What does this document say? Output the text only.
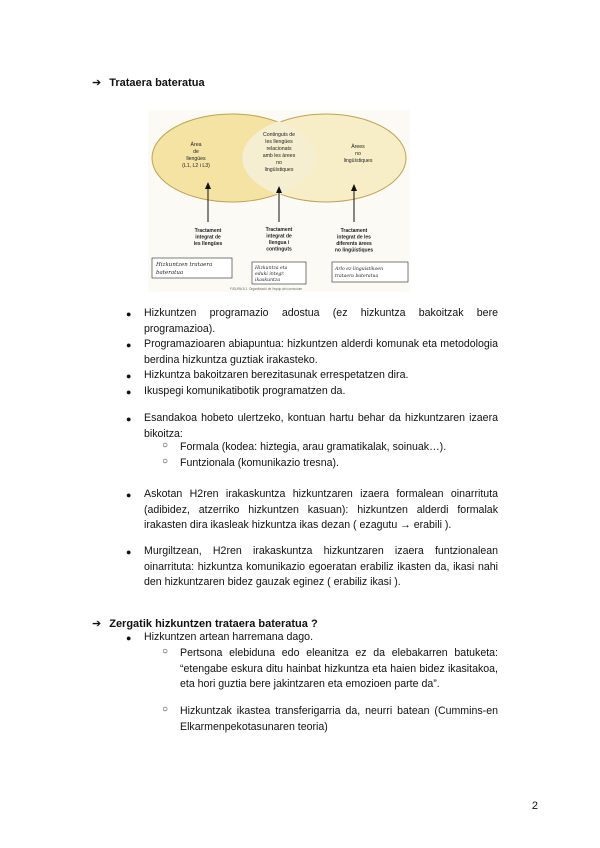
➔ Trataera bateratua
Àrea de llengües (L1, L2 i L3)
Continguts de les llengües relacionats amb les àrees no lingüístiques
Àrees no lingüístiques
Tractament integrat de les llengües
Tractament integrat de llengua i continguts
Tractament integrat de les diferents àrees no lingüístiques
Hizkuntzen trataera bateratua
Hizkuntza eta eduki integr. ikaskuntza
Arlo ez-linguistikoen trataera bateratua
FIGURA 8.1. Organització de l'equip del currículum
● Hizkuntzen programazio adostua (ez hizkuntza bakoitzak bere programazioa).
● Programazioaren abiapuntua: hizkuntzen alderdi komunak eta metodologia berdina hizkuntza guztiak irakasteko.
● Hizkuntza bakoitzaren berezitasunak errespetatzen dira.
● Ikuspegi komunikatibotik programatzen da.
● Esandakoa hobeto ulertzeko, kontuan hartu behar da hizkuntzaren izaera bikoitza:
○ Formala (kodea: hiztegia, arau gramatikalak, soinuak…).
○ Funtzionala (komunikazio tresna).
● Askotan H2ren irakaskuntza hizkuntzaren izaera formalean oinarrituta (adibidez, atzerriko hizkuntzen kasuan): hizkuntzen alderdi formalak irakasten dira ikasleak hizkuntza ikas dezan ( ezagutu → erabili ).
● Murgiltzean, H2ren irakaskuntza hizkuntzaren izaera funtzionalean oinarrituta: hizkuntza komunikazio egoeratan erabiliz ikasten da, ikasi nahi den hizkuntzaren bidez gauzak eginez ( erabiliz ikasi ).
➔ Zergatik hizkuntzen trataera bateratua ?
● Hizkuntzen artean harremana dago.
○ Pertsona elebiduna edo eleanitza ez da elebakarren batuketa: “etengabe eskura ditu hainbat hizkuntza eta haien bidez ikasitakoa, eta hori guztia bere jakintzaren eta emozioen parte da”.
○ Hizkuntzak ikastea transferigarria da, neurri batean (Cummins-en Elkarmenpekotasunaren teoria)
2
